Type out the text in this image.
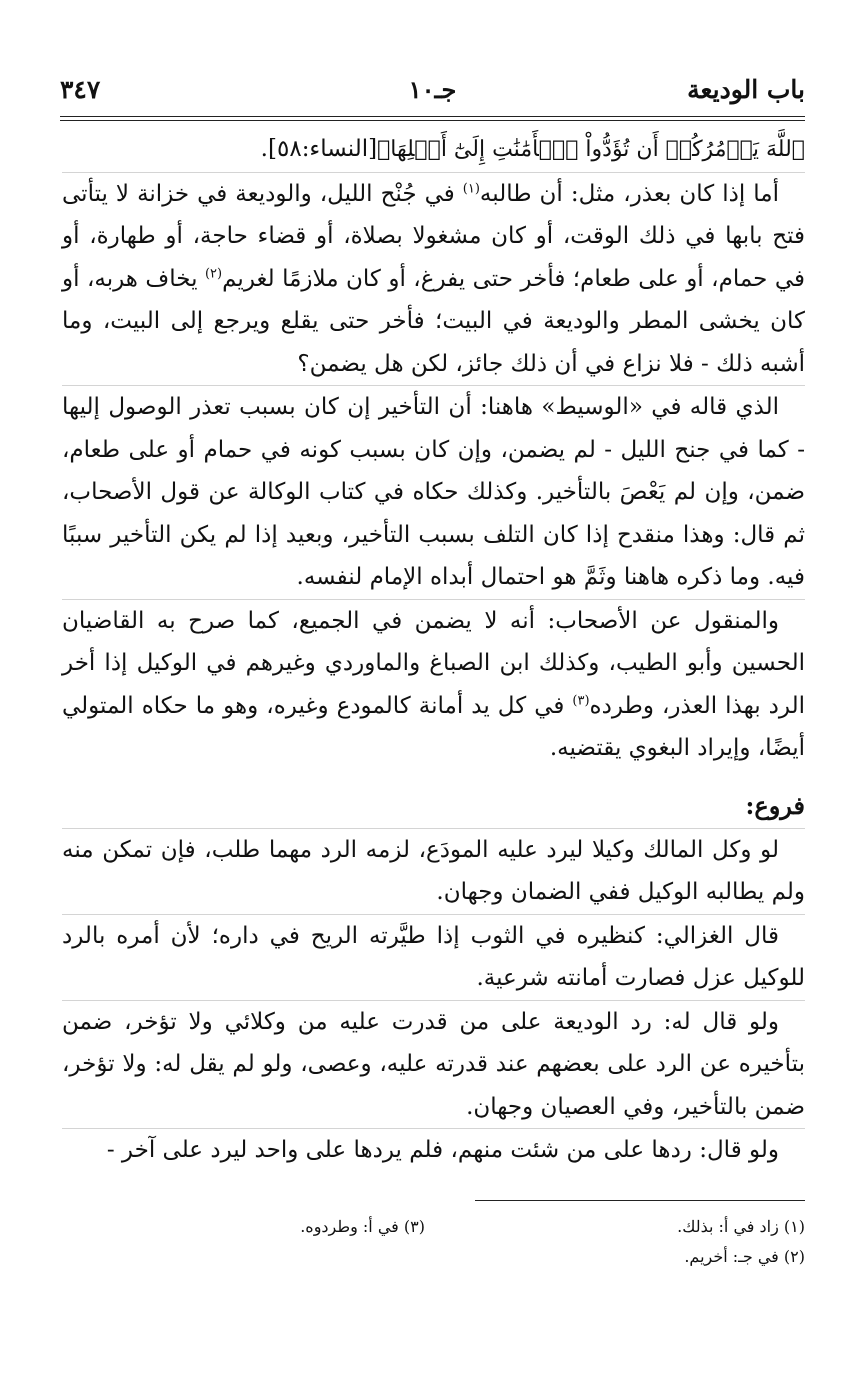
باب الوديعة
جـ١٠
٣٤٧

ٱللَّهَ يَأۡمُرُكُمۡ أَن تُؤَدُّواْ ٱلۡأَمَٰنَٰتِ إِلَىٰٓ أَهۡلِهَا﴾[النساء:٥٨].

أما إذا كان بعذر، مثل: أن طالبه$^{(١)}$ في جُنْح الليل، والوديعة في خزانة لا يتأتى فتح بابها في ذلك الوقت، أو كان مشغولا بصلاة، أو قضاء حاجة، أو طهارة، أو في حمام، أو على طعام؛ فأخر حتى يفرغ، أو كان ملازمًا لغريم$^{(٢)}$ يخاف هربه، أو كان يخشى المطر والوديعة في البيت؛ فأخر حتى يقلع ويرجع إلى البيت، وما أشبه ذلك - فلا نزاع في أن ذلك جائز، لكن هل يضمن؟

الذي قاله في «الوسيط» هاهنا: أن التأخير إن كان بسبب تعذر الوصول إليها - كما في جنح الليل - لم يضمن، وإن كان بسبب كونه في حمام أو على طعام، ضمن، وإن لم يَعْصَ بالتأخير. وكذلك حكاه في كتاب الوكالة عن قول الأصحاب، ثم قال: وهذا منقدح إذا كان التلف بسبب التأخير، وبعيد إذا لم يكن التأخير سببًا فيه. وما ذكره هاهنا وثَمَّ هو احتمال أبداه الإمام لنفسه.

والمنقول عن الأصحاب: أنه لا يضمن في الجميع، كما صرح به القاضيان الحسين وأبو الطيب، وكذلك ابن الصباغ والماوردي وغيرهم في الوكيل إذا أخر الرد بهذا العذر، وطرده$^{(٣)}$ في كل يد أمانة كالمودع وغيره، وهو ما حكاه المتولي أيضًا، وإيراد البغوي يقتضيه.

فروع:

لو وكل المالك وكيلا ليرد عليه المودَع، لزمه الرد مهما طلب، فإن تمكن منه ولم يطالبه الوكيل ففي الضمان وجهان.

قال الغزالي: كنظيره في الثوب إذا طيَّرته الريح في داره؛ لأن أمره بالرد للوكيل عزل فصارت أمانته شرعية.

ولو قال له: رد الوديعة على من قدرت عليه من وكلائي ولا تؤخر، ضمن بتأخيره عن الرد على بعضهم عند قدرته عليه، وعصى، ولو لم يقل له: ولا تؤخر، ضمن بالتأخير، وفي العصيان وجهان.

ولو قال: ردها على من شئت منهم، فلم يردها على واحد ليرد على آخر -

(١) زاد في أ: بذلك.
(٣) في أ: وطردوه.
(٢) في جـ: أخريم.
